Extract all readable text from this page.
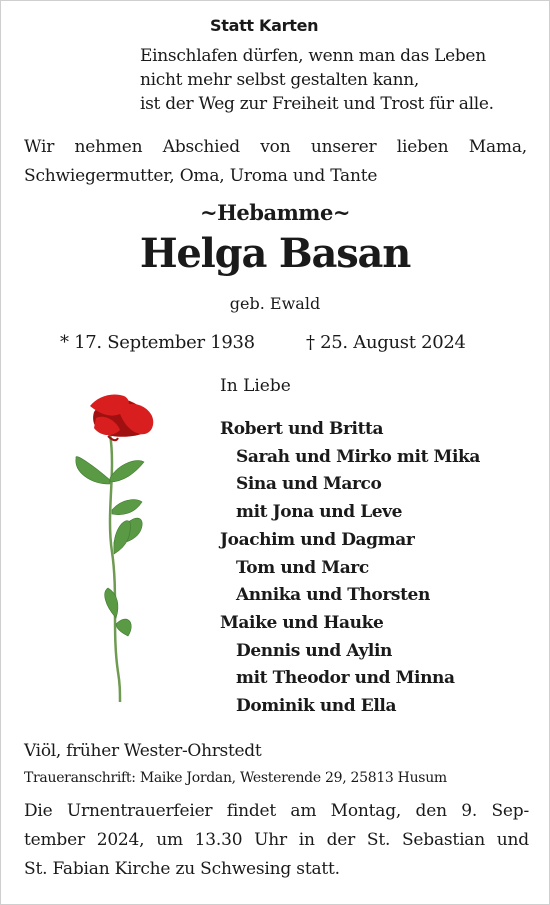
Statt Karten
Einschlafen dürfen, wenn man das Leben
nicht mehr selbst gestalten kann,
ist der Weg zur Freiheit und Trost für alle.
Wir nehmen Abschied von unserer lieben Mama,
Schwiegermutter, Oma, Uroma und Tante
~Hebamme~
Helga Basan
geb. Ewald
* 17. September 1938	† 25. August 2024
In Liebe
Robert und Britta
Sarah und Mirko mit Mika
Sina und Marco
mit Jona und Leve
Joachim und Dagmar
Tom und Marc
Annika und Thorsten
Maike und Hauke
Dennis und Aylin
mit Theodor und Minna
Dominik und Ella
Viöl, früher Wester-Ohrstedt
Traueranschrift: Maike Jordan, Westerende 29, 25813 Husum
Die Urnentrauerfeier findet am Montag, den 9. Sep-
tember 2024, um 13.30 Uhr in der St. Sebastian und
St. Fabian Kirche zu Schwesing statt.
